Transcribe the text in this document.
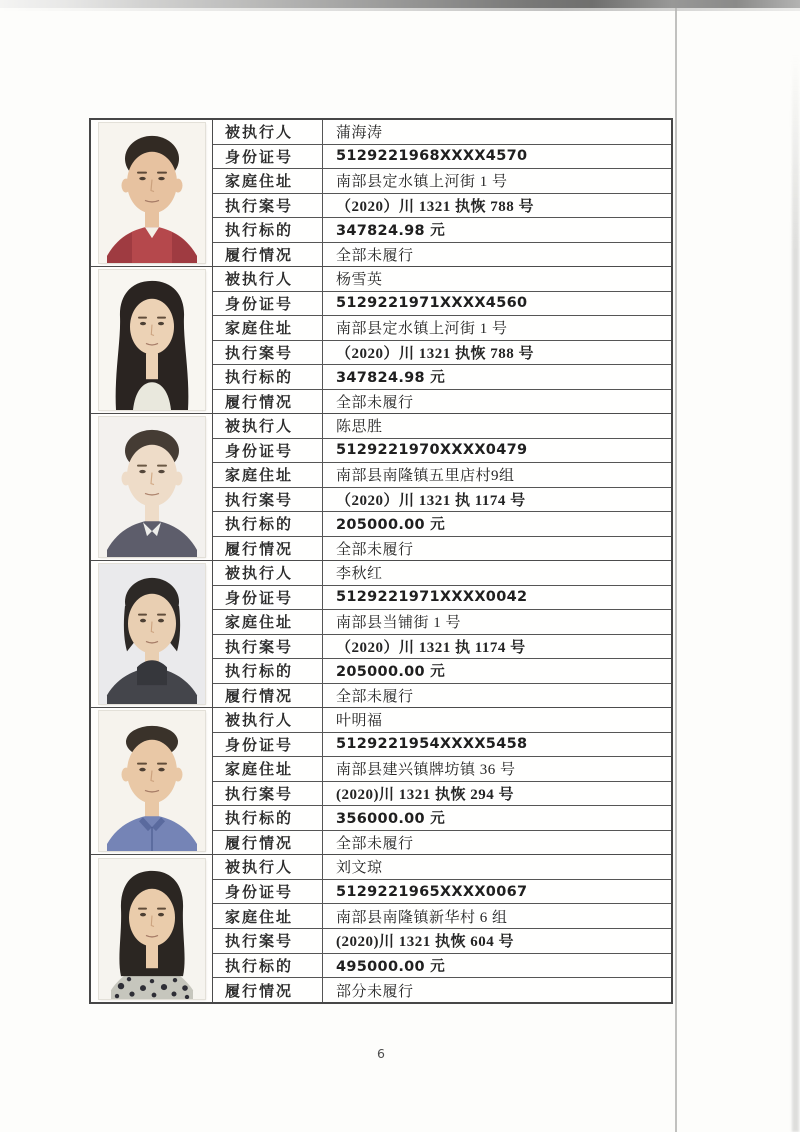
被执行人	蒲海涛
身份证号	5129221968XXXX4570
家庭住址	南部县定水镇上河街 1 号
执行案号	（2020）川 1321 执恢 788 号
执行标的	347824.98 元
履行情况	全部未履行
被执行人	杨雪英
身份证号	5129221971XXXX4560
家庭住址	南部县定水镇上河街 1 号
执行案号	（2020）川 1321 执恢 788 号
执行标的	347824.98 元
履行情况	全部未履行
被执行人	陈思胜
身份证号	5129221970XXXX0479
家庭住址	南部县南隆镇五里店村9组
执行案号	（2020）川 1321 执 1174 号
执行标的	205000.00 元
履行情况	全部未履行
被执行人	李秋红
身份证号	5129221971XXXX0042
家庭住址	南部县当铺街 1 号
执行案号	（2020）川 1321 执 1174 号
执行标的	205000.00 元
履行情况	全部未履行
被执行人	叶明福
身份证号	5129221954XXXX5458
家庭住址	南部县建兴镇牌坊镇 36 号
执行案号	(2020)川 1321 执恢 294 号
执行标的	356000.00 元
履行情况	全部未履行
被执行人	刘文琼
身份证号	5129221965XXXX0067
家庭住址	南部县南隆镇新华村 6 组
执行案号	(2020)川 1321 执恢 604 号
执行标的	495000.00 元
履行情况	部分未履行
6
